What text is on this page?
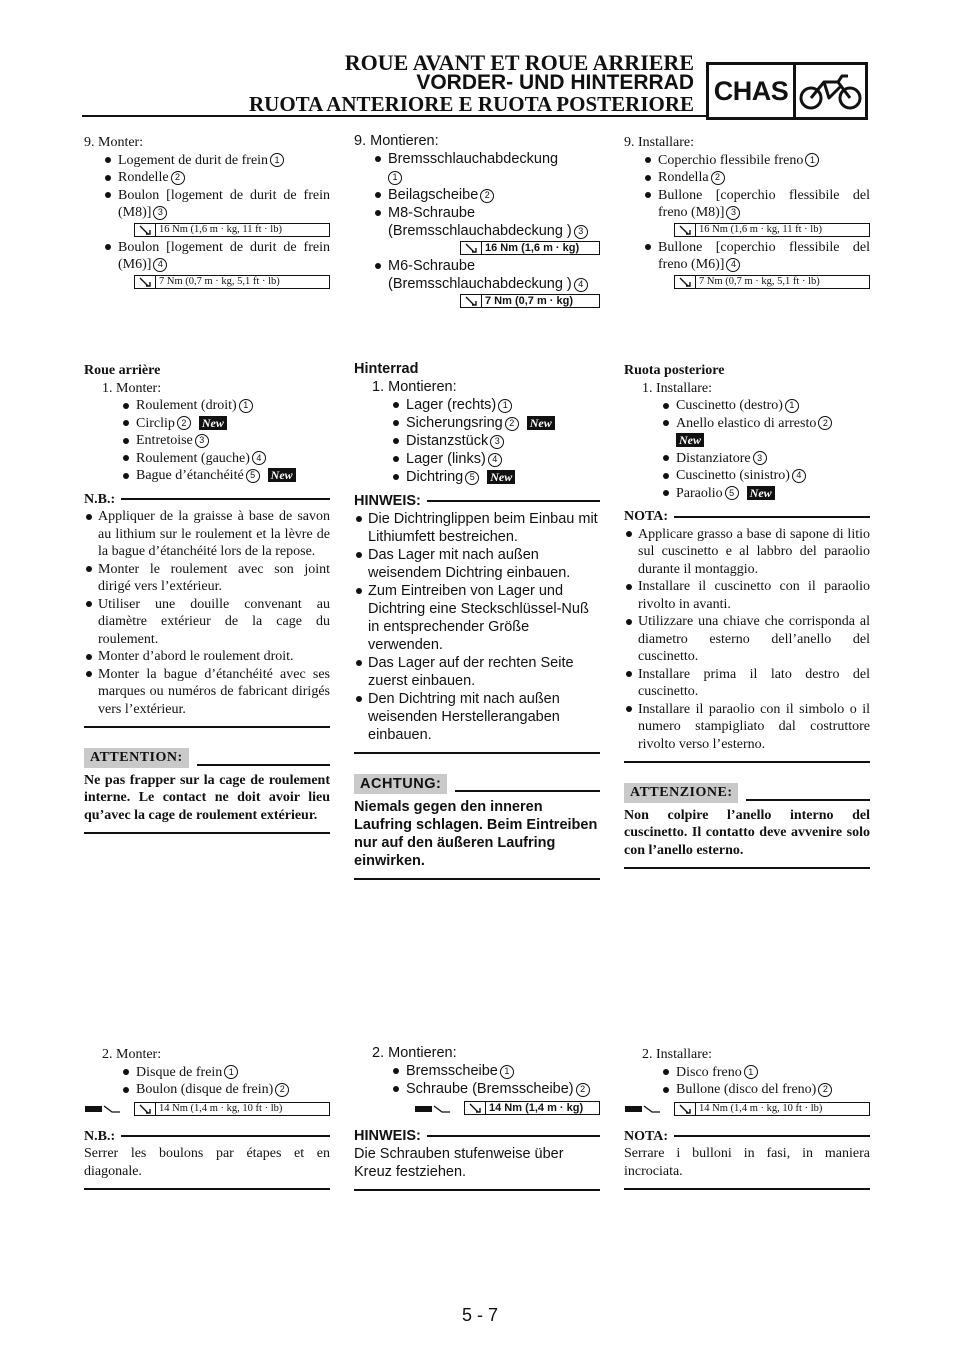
ROUE AVANT ET ROUE ARRIERE
VORDER- UND HINTERRAD
RUOTA ANTERIORE E RUOTA POSTERIORE CHAS
9. Monter:
Logement de durit de frein 1
Rondelle 2
Boulon [logement de durit de frein (M8)] 3
16 Nm (1,6 m · kg, 11 ft · lb)
Boulon [logement de durit de frein (M6)] 4
7 Nm (0,7 m · kg, 5,1 ft · lb)
Roue arrière
1. Monter:
Roulement (droit) 1
Circlip 2 New
Entretoise 3
Roulement (gauche) 4
Bague d’étanchéité 5 New
N.B.:
Appliquer de la graisse à base de savon au lithium sur le roulement et la lèvre de la bague d’étanchéité lors de la repose.
Monter le roulement avec son joint dirigé vers l’extérieur.
Utiliser une douille convenant au diamètre extérieur de la cage du roulement.
Monter d’abord le roulement droit.
Monter la bague d’étanchéité avec ses marques ou numéros de fabricant dirigés vers l’extérieur.
ATTENTION:
Ne pas frapper sur la cage de roulement interne. Le contact ne doit avoir lieu qu’avec la cage de roulement extérieur.
2. Monter:
Disque de frein 1
Boulon (disque de frein) 2
14 Nm (1,4 m · kg, 10 ft · lb)
N.B.:
Serrer les boulons par étapes et en diagonale.
9. Montieren:
Bremsschlauchabdeckung
1
Beilagscheibe 2
M8-Schraube (Bremsschlauchabdeckung ) 3
16 Nm (1,6 m · kg)
M6-Schraube (Bremsschlauchabdeckung ) 4
7 Nm (0,7 m · kg)
Hinterrad
1. Montieren:
Lager (rechts) 1
Sicherungsring 2 New
Distanzstück 3
Lager (links) 4
Dichtring 5 New
HINWEIS:
Die Dichtringlippen beim Einbau mit Lithiumfett bestreichen.
Das Lager mit nach außen weisendem Dichtring einbauen.
Zum Eintreiben von Lager und Dichtring eine Steckschlüssel-Nuß in entsprechender Größe verwenden.
Das Lager auf der rechten Seite zuerst einbauen.
Den Dichtring mit nach außen weisenden Herstellerangaben einbauen.
ACHTUNG:
Niemals gegen den inneren Laufring schlagen. Beim Eintreiben nur auf den äußeren Laufring einwirken.
2. Montieren:
Bremsscheibe 1
Schraube (Bremsscheibe) 2
14 Nm (1,4 m · kg)
HINWEIS:
Die Schrauben stufenweise über Kreuz festziehen.
9. Installare:
Coperchio flessibile freno 1
Rondella 2
Bullone [coperchio flessibile del freno (M8)] 3
16 Nm (1,6 m · kg, 11 ft · lb)
Bullone [coperchio flessibile del freno (M6)] 4
7 Nm (0,7 m · kg, 5,1 ft · lb)
Ruota posteriore
1. Installare:
Cuscinetto (destro) 1
Anello elastico di arresto 2
New
Distanziatore 3
Cuscinetto (sinistro) 4
Paraolio 5 New
NOTA:
Applicare grasso a base di sapone di litio sul cuscinetto e al labbro del paraolio durante il montaggio.
Installare il cuscinetto con il paraolio rivolto in avanti.
Utilizzare una chiave che corrisponda al diametro esterno dell’anello del cuscinetto.
Installare prima il lato destro del cuscinetto.
Installare il paraolio con il simbolo o il numero stampigliato dal costruttore rivolto verso l’esterno.
ATTENZIONE:
Non colpire l’anello interno del cuscinetto. Il contatto deve avvenire solo con l’anello esterno.
2. Installare:
Disco freno 1
Bullone (disco del freno) 2
14 Nm (1,4 m · kg, 10 ft · lb)
NOTA:
Serrare i bulloni in fasi, in maniera incrociata.
5 - 7
